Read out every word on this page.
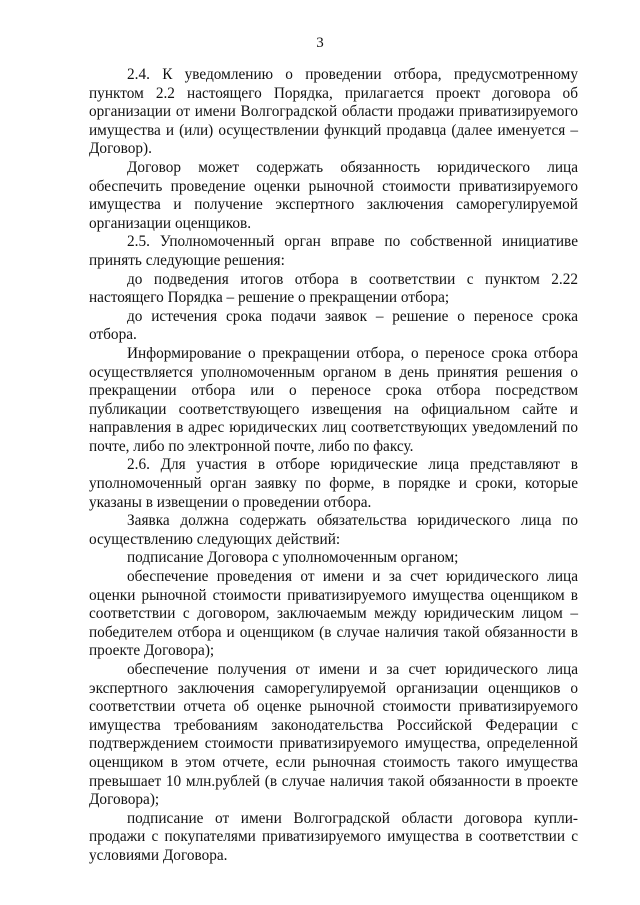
3

2.4. К уведомлению о проведении отбора, предусмотренному пунктом 2.2 настоящего Порядка, прилагается проект договора об организации от имени Волгоградской области продажи приватизируемого имущества и (или) осуществлении функций продавца (далее именуется – Договор).

Договор может содержать обязанность юридического лица обеспечить проведение оценки рыночной стоимости приватизируемого имущества и получение экспертного заключения саморегулируемой организации оценщиков.

2.5. Уполномоченный орган вправе по собственной инициативе принять следующие решения:

до подведения итогов отбора в соответствии с пунктом 2.22 настоящего Порядка – решение о прекращении отбора;

до истечения срока подачи заявок – решение о переносе срока отбора.

Информирование о прекращении отбора, о переносе срока отбора осуществляется уполномоченным органом в день принятия решения о прекращении отбора или о переносе срока отбора посредством публикации соответствующего извещения на официальном сайте и направления в адрес юридических лиц соответствующих уведомлений по почте, либо по электронной почте, либо по факсу.

2.6. Для участия в отборе юридические лица представляют в уполномоченный орган заявку по форме, в порядке и сроки, которые указаны в извещении о проведении отбора.

Заявка должна содержать обязательства юридического лица по осуществлению следующих действий:

подписание Договора с уполномоченным органом;

обеспечение проведения от имени и за счет юридического лица оценки рыночной стоимости приватизируемого имущества оценщиком в соответствии с договором, заключаемым между юридическим лицом – победителем отбора и оценщиком (в случае наличия такой обязанности в проекте Договора);

обеспечение получения от имени и за счет юридического лица экспертного заключения саморегулируемой организации оценщиков о соответствии отчета об оценке рыночной стоимости приватизируемого имущества требованиям законодательства Российской Федерации с подтверждением стоимости приватизируемого имущества, определенной оценщиком в этом отчете, если рыночная стоимость такого имущества превышает 10 млн.рублей (в случае наличия такой обязанности в проекте Договора);

подписание от имени Волгоградской области договора купли-продажи с покупателями приватизируемого имущества в соответствии с условиями Договора.
